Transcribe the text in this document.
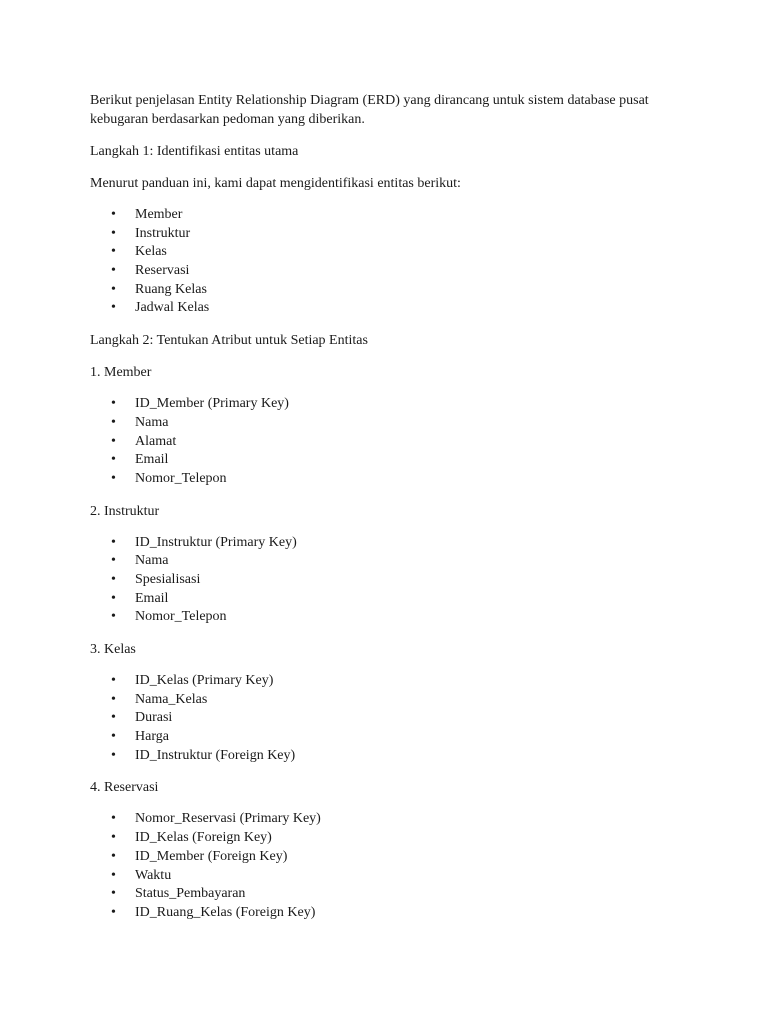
Berikut penjelasan Entity Relationship Diagram (ERD) yang dirancang untuk sistem database pusat kebugaran berdasarkan pedoman yang diberikan.

Langkah 1: Identifikasi entitas utama

Menurut panduan ini, kami dapat mengidentifikasi entitas berikut:

• Member
• Instruktur
• Kelas
• Reservasi
• Ruang Kelas
• Jadwal Kelas

Langkah 2: Tentukan Atribut untuk Setiap Entitas

1. Member

• ID_Member (Primary Key)
• Nama
• Alamat
• Email
• Nomor_Telepon

2. Instruktur

• ID_Instruktur (Primary Key)
• Nama
• Spesialisasi
• Email
• Nomor_Telepon

3. Kelas

• ID_Kelas (Primary Key)
• Nama_Kelas
• Durasi
• Harga
• ID_Instruktur (Foreign Key)

4. Reservasi

• Nomor_Reservasi (Primary Key)
• ID_Kelas (Foreign Key)
• ID_Member (Foreign Key)
• Waktu
• Status_Pembayaran
• ID_Ruang_Kelas (Foreign Key)
